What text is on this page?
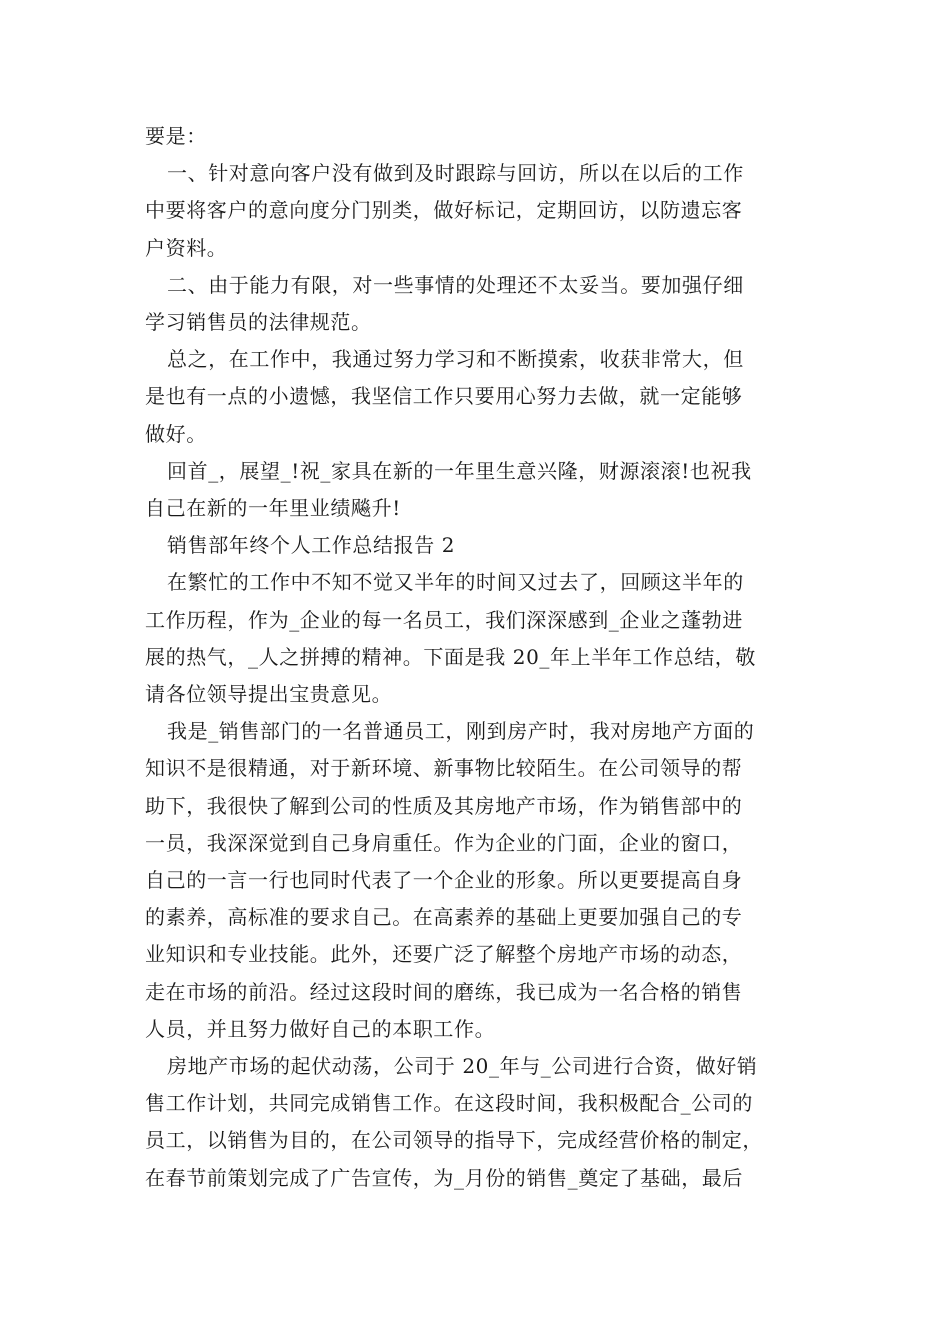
要是：
一、针对意向客户没有做到及时跟踪与回访，所以在以后的工作
中要将客户的意向度分门别类，做好标记，定期回访，以防遗忘客
户资料。
二、由于能力有限，对一些事情的处理还不太妥当。要加强仔细
学习销售员的法律规范。
总之，在工作中，我通过努力学习和不断摸索，收获非常大，但
是也有一点的小遗憾，我坚信工作只要用心努力去做，就一定能够
做好。
回首_，展望_!祝_家具在新的一年里生意兴隆，财源滚滚!也祝我
自己在新的一年里业绩飚升!
销售部年终个人工作总结报告 2
在繁忙的工作中不知不觉又半年的时间又过去了，回顾这半年的
工作历程，作为_企业的每一名员工，我们深深感到_企业之蓬勃进
展的热气，_人之拼搏的精神。下面是我 20_年上半年工作总结，敬
请各位领导提出宝贵意见。
我是_销售部门的一名普通员工，刚到房产时，我对房地产方面的
知识不是很精通，对于新环境、新事物比较陌生。在公司领导的帮
助下，我很快了解到公司的性质及其房地产市场，作为销售部中的
一员，我深深觉到自己身肩重任。作为企业的门面，企业的窗口，
自己的一言一行也同时代表了一个企业的形象。所以更要提高自身
的素养，高标准的要求自己。在高素养的基础上更要加强自己的专
业知识和专业技能。此外，还要广泛了解整个房地产市场的动态，
走在市场的前沿。经过这段时间的磨练，我已成为一名合格的销售
人员，并且努力做好自己的本职工作。
房地产市场的起伏动荡，公司于 20_年与_公司进行合资，做好销
售工作计划，共同完成销售工作。在这段时间，我积极配合_公司的
员工，以销售为目的，在公司领导的指导下，完成经营价格的制定，
在春节前策划完成了广告宣传，为_月份的销售_奠定了基础，最后
